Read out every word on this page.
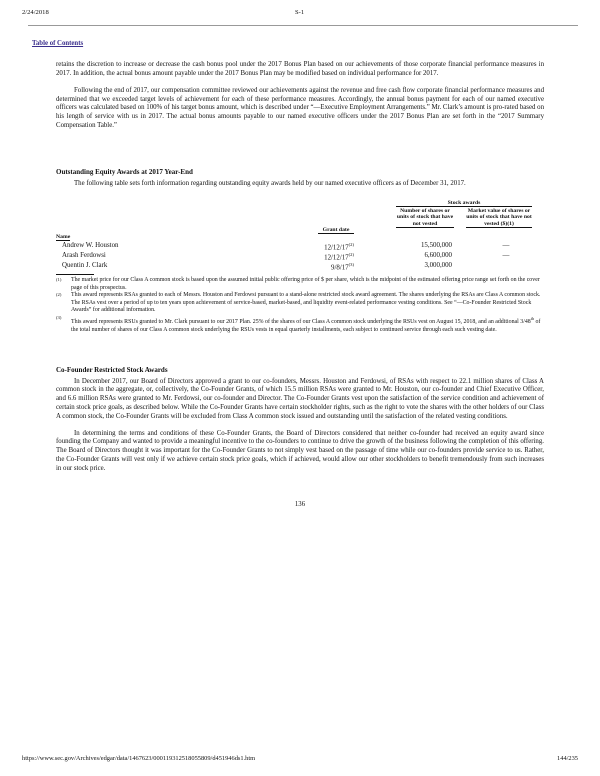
2/24/2018	S-1
Table of Contents

retains the discretion to increase or decrease the cash bonus pool under the 2017 Bonus Plan based on our achievements of those corporate financial performance measures in 2017. In addition, the actual bonus amount payable under the 2017 Bonus Plan may be modified based on individual performance for 2017.

Following the end of 2017, our compensation committee reviewed our achievements against the revenue and free cash flow corporate financial performance measures and determined that we exceeded target levels of achievement for each of these performance measures. Accordingly, the annual bonus payment for each of our named executive officers was calculated based on 100% of his target bonus amount, which is described under “—Executive Employment Arrangements.” Mr. Clark’s amount is pro-rated based on his length of service with us in 2017. The actual bonus amounts payable to our named executive officers under the 2017 Bonus Plan are set forth in the “2017 Summary Compensation Table.”

Outstanding Equity Awards at 2017 Year-End

The following table sets forth information regarding outstanding equity awards held by our named executive officers as of December 31, 2017.

Stock awards
Number of shares or units of stock that have not vested
Market value of shares or units of stock that have not vested ($)(1)
Grant date
Name
Andrew W. Houston	12/12/17$^{(2)}$	15,500,000	—
Arash Ferdowsi	12/12/17$^{(2)}$	6,600,000	—
Quentin J. Clark	9/8/17$^{(3)}$	3,000,000
(1) The market price for our Class A common stock is based upon the assumed initial public offering price of $ per share, which is the midpoint of the estimated offering price range set forth on the cover page of this prospectus.
(2) This award represents RSAs granted to each of Messrs. Houston and Ferdowsi pursuant to a stand-alone restricted stock award agreement. The shares underlying the RSAs are Class A common stock. The RSAs vest over a period of up to ten years upon achievement of service-based, market-based, and liquidity event-related performance vesting conditions. See “—Co-Founder Restricted Stock Awards” for additional information.
(3)
This award represents RSUs granted to Mr. Clark pursuant to our 2017 Plan. 25% of the shares of our Class A common stock underlying the RSUs vest on August 15, 2018, and an additional 3/48th of the total number of shares of our Class A common stock underlying the RSUs vests in equal quarterly installments, each subject to continued service through each such vesting date.
Co-Founder Restricted Stock Awards

In December 2017, our Board of Directors approved a grant to our co-founders, Messrs. Houston and Ferdowsi, of RSAs with respect to 22.1 million shares of Class A common stock in the aggregate, or, collectively, the Co-Founder Grants, of which 15.5 million RSAs were granted to Mr. Houston, our co-founder and Chief Executive Officer, and 6.6 million RSAs were granted to Mr. Ferdowsi, our co-founder and Director. The Co-Founder Grants vest upon the satisfaction of the service condition and achievement of certain stock price goals, as described below. While the Co-Founder Grants have certain stockholder rights, such as the right to vote the shares with the other holders of our Class A common stock, the Co-Founder Grants will be excluded from Class A common stock issued and outstanding until the satisfaction of the related vesting conditions.

In determining the terms and conditions of these Co-Founder Grants, the Board of Directors considered that neither co-founder had received an equity award since founding the Company and wanted to provide a meaningful incentive to the co-founders to continue to drive the growth of the business following the completion of this offering. The Board of Directors thought it was important for the Co-Founder Grants to not simply vest based on the passage of time while our co-founders provide service to us. Rather, the Co-Founder Grants will vest only if we achieve certain stock price goals, which if achieved, would allow our other stockholders to benefit tremendously from such increases in our stock price.

136
https://www.sec.gov/Archives/edgar/data/1467623/000119312518055809/d451946ds1.htm	144/235
